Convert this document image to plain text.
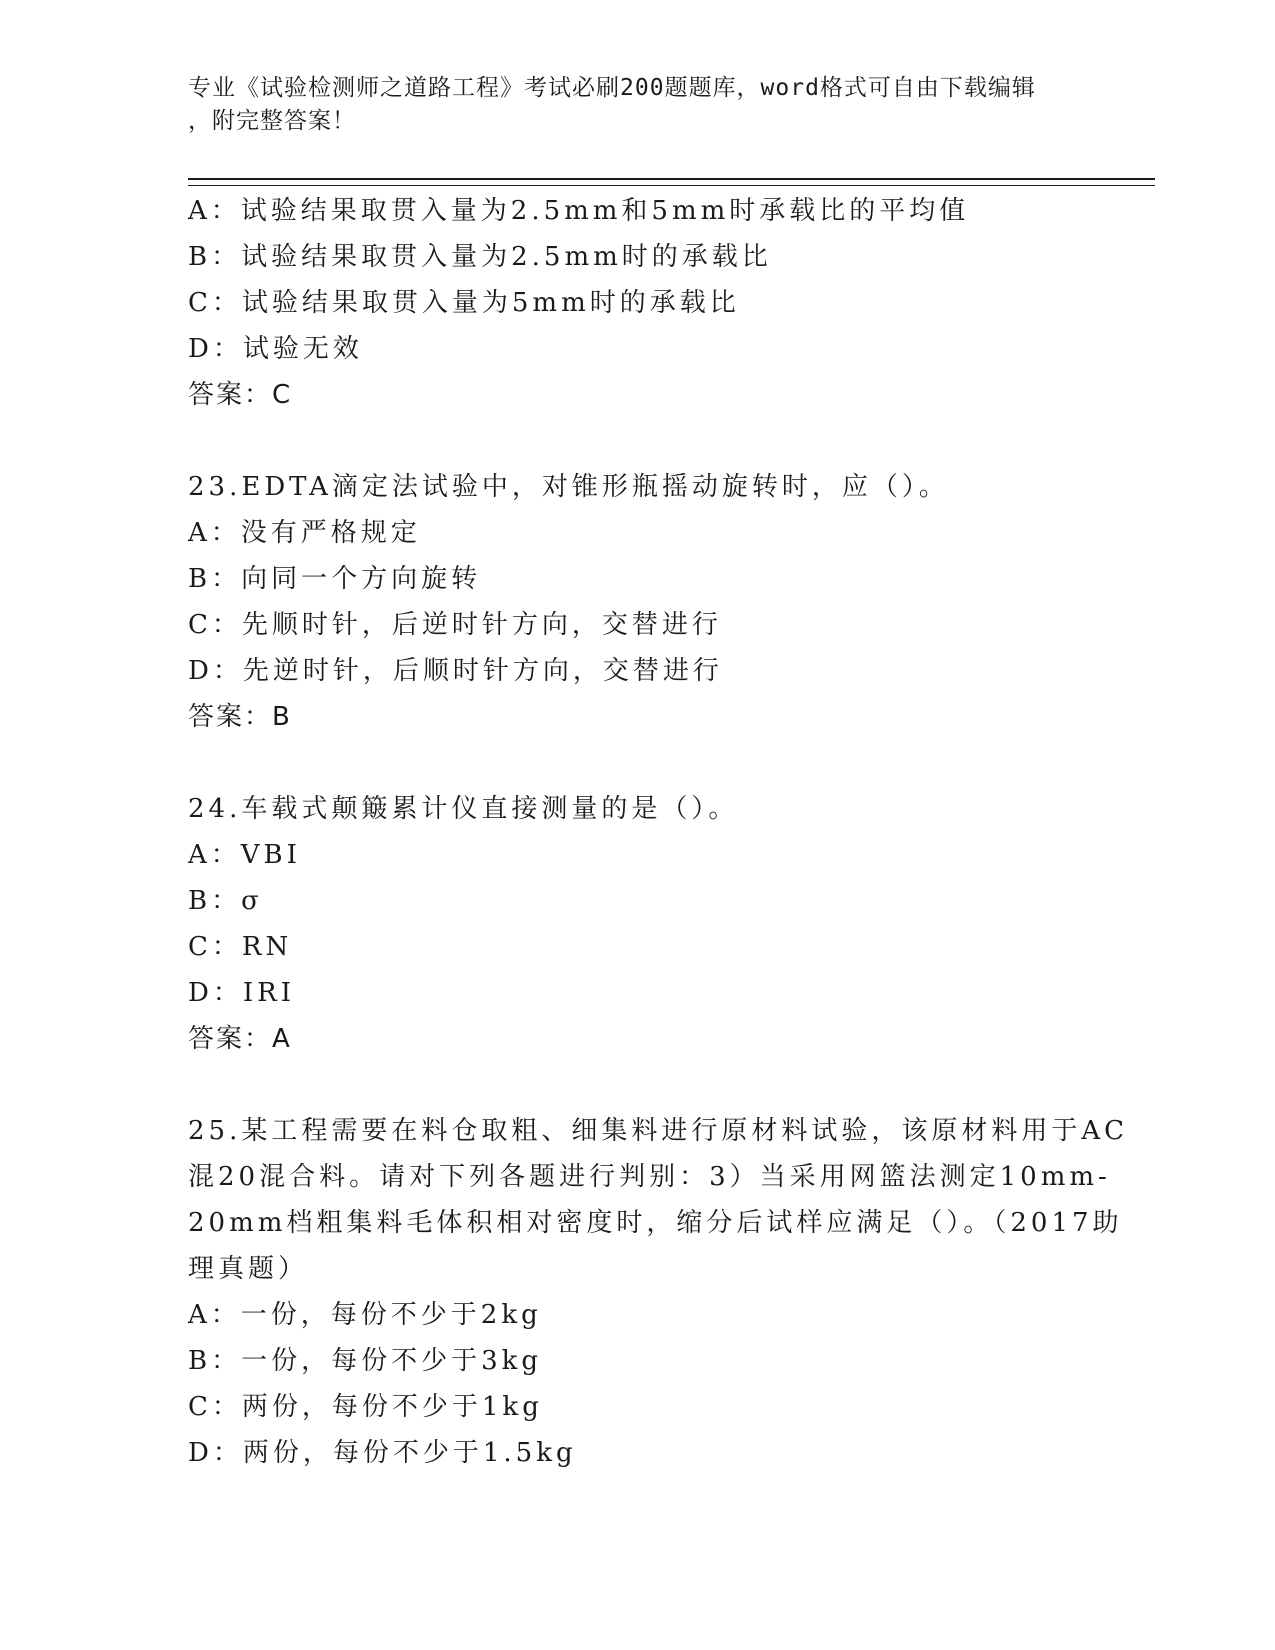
专业《试验检测师之道路工程》考试必刷200题题库，word格式可自由下载编辑
，附完整答案！
A：试验结果取贯入量为2.5mm和5mm时承载比的平均值
B：试验结果取贯入量为2.5mm时的承载比
C：试验结果取贯入量为5mm时的承载比
D：试验无效
答案：C
23.EDTA滴定法试验中，对锥形瓶摇动旋转时，应（）。
A：没有严格规定
B：向同一个方向旋转
C：先顺时针，后逆时针方向，交替进行
D：先逆时针，后顺时针方向，交替进行
答案：B
24.车载式颠簸累计仪直接测量的是（）。
A：VBI
B：σ
C：RN
D：IRI
答案：A
25.某工程需要在料仓取粗、细集料进行原材料试验，该原材料用于AC
混20混合料。请对下列各题进行判别：3）当采用网篮法测定10mm-
20mm档粗集料毛体积相对密度时，缩分后试样应满足（）。（2017助
理真题）
A：一份，每份不少于2kg
B：一份，每份不少于3kg
C：两份，每份不少于1kg
D：两份，每份不少于1.5kg
